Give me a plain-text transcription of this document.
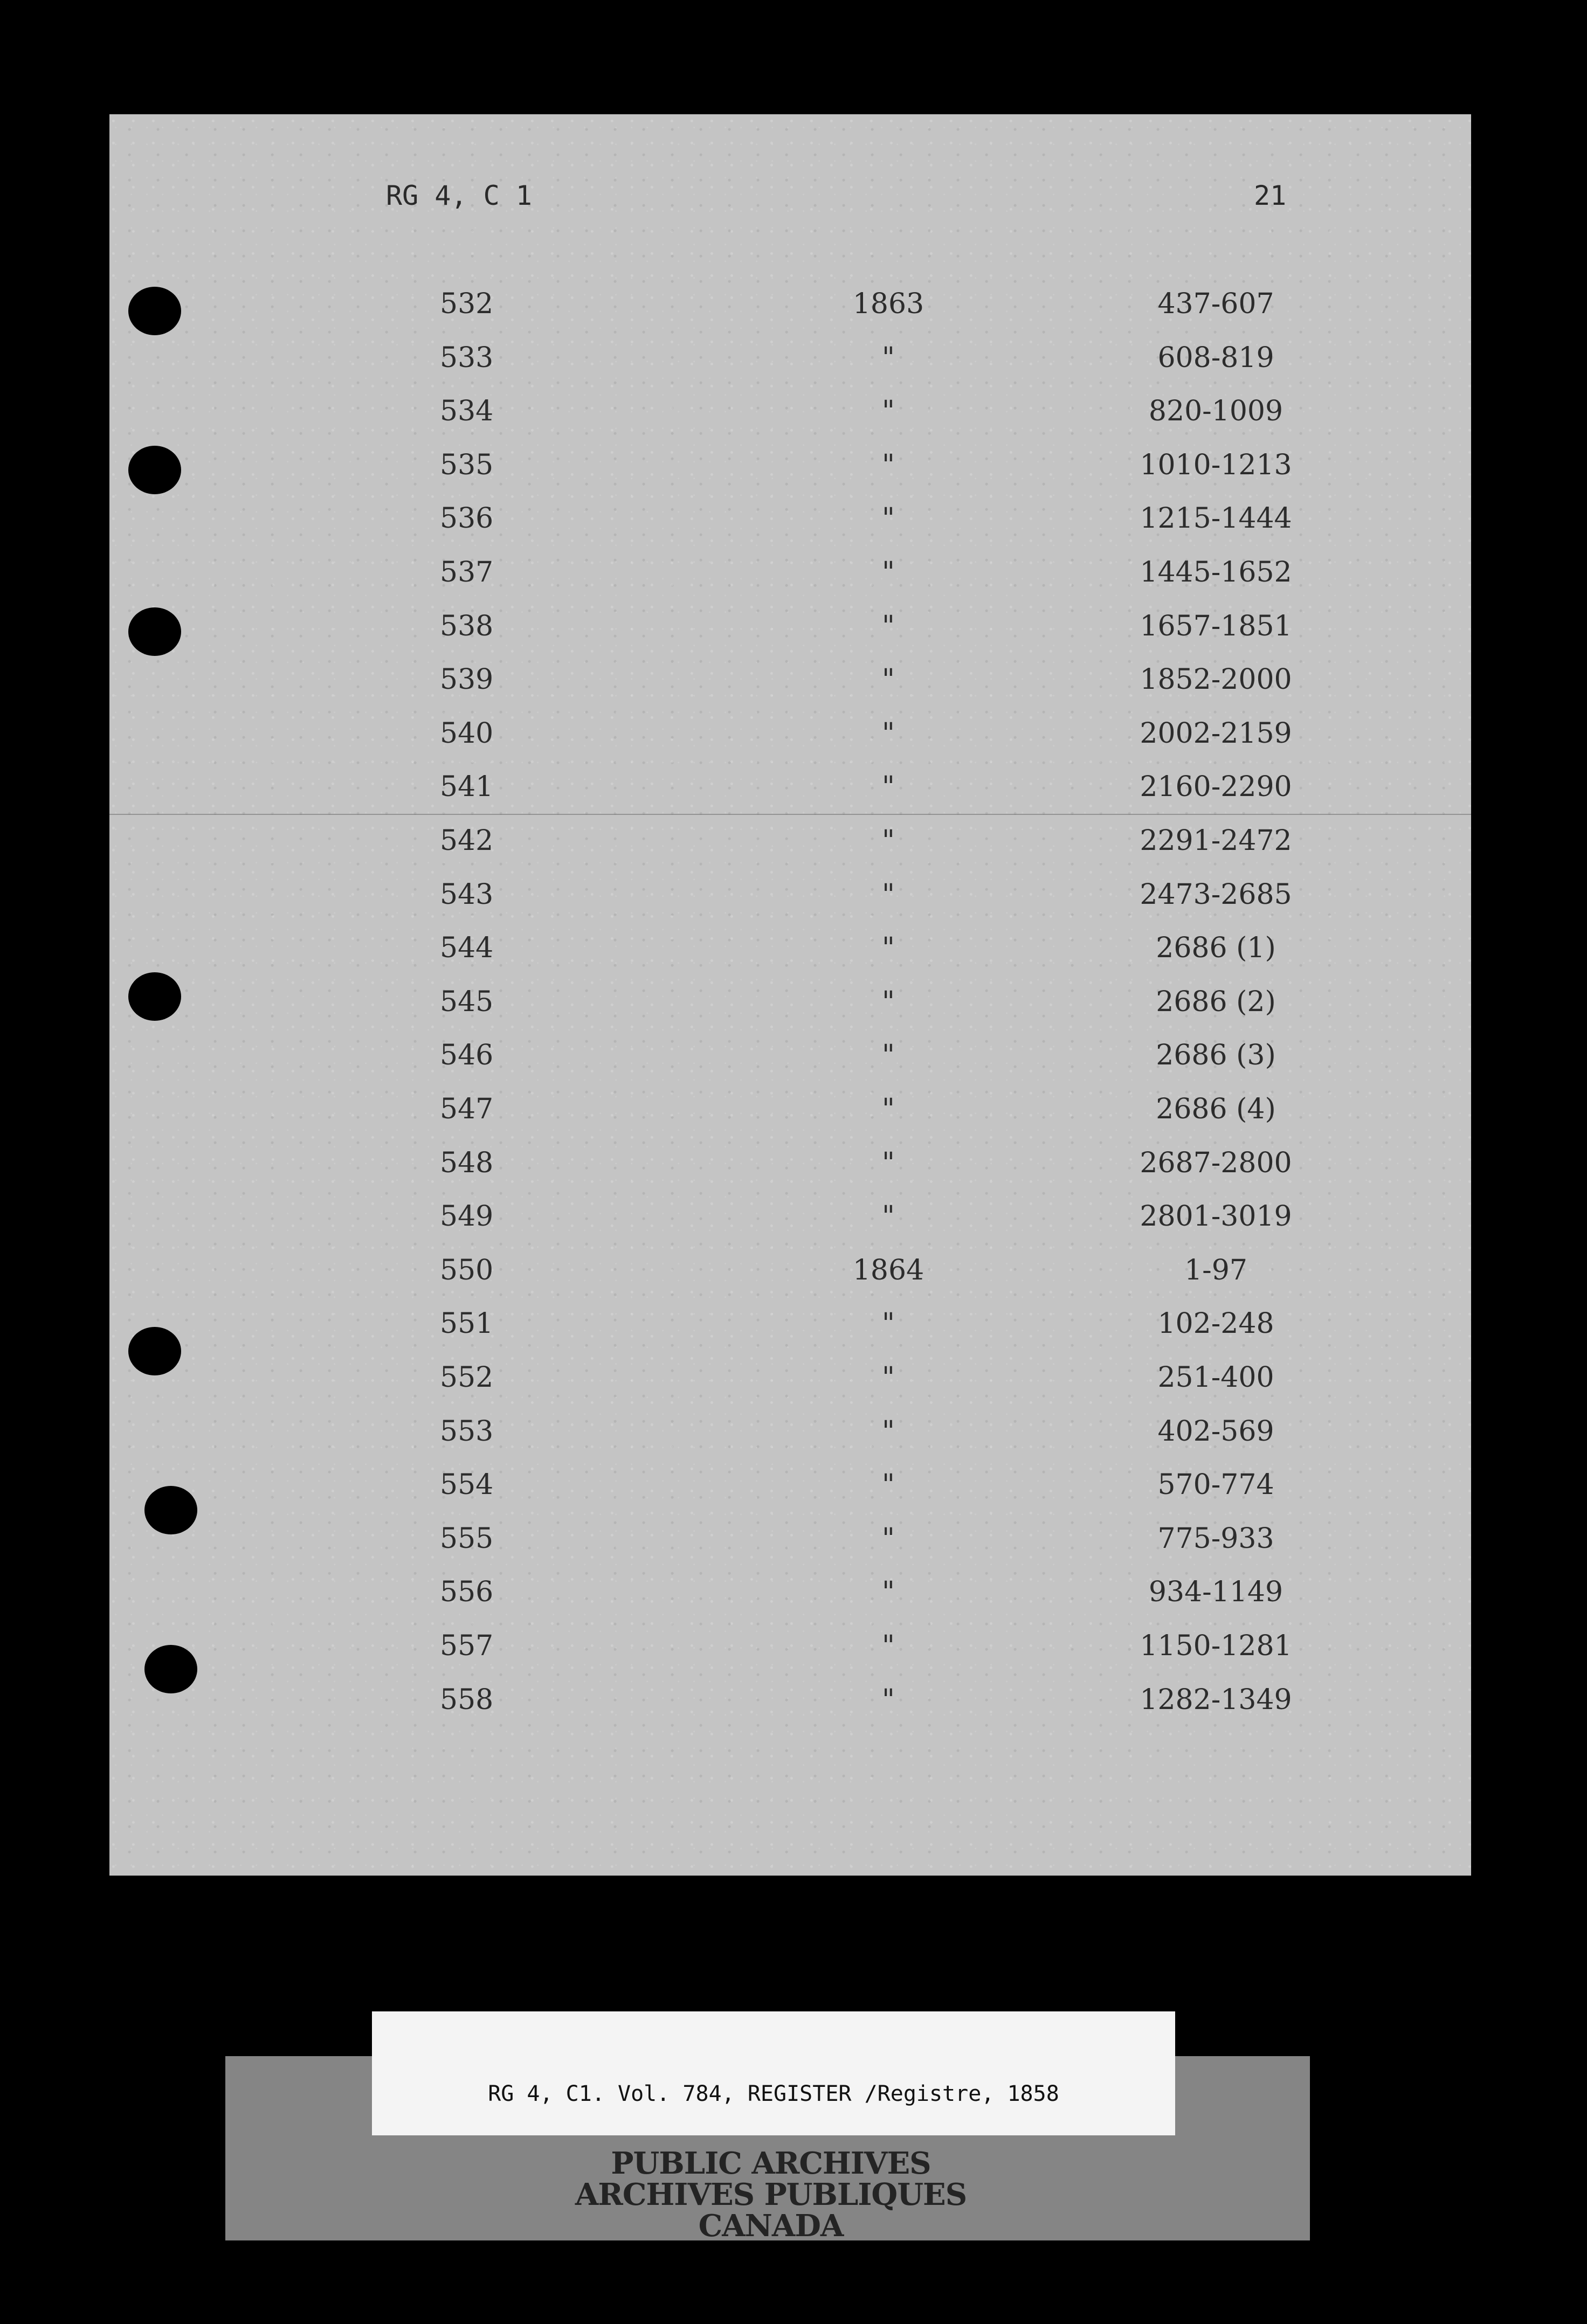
RG 4, C 1	21
532	1863	437-607
533	"	608-819
534	"	820-1009
535	"	1010-1213
536	"	1215-1444
537	"	1445-1652
538	"	1657-1851
539	"	1852-2000
540	"	2002-2159
541	"	2160-2290
542	"	2291-2472
543	"	2473-2685
544	"	2686 (1)
545	"	2686 (2)
546	"	2686 (3)
547	"	2686 (4)
548	"	2687-2800
549	"	2801-3019
550	1864	1-97
551	"	102-248
552	"	251-400
553	"	402-569
554	"	570-774
555	"	775-933
556	"	934-1149
557	"	1150-1281
558	"	1282-1349
RG 4, C1. Vol. 784, REGISTER /Registre, 1858
PUBLIC ARCHIVES
ARCHIVES PUBLIQUES
CANADA
